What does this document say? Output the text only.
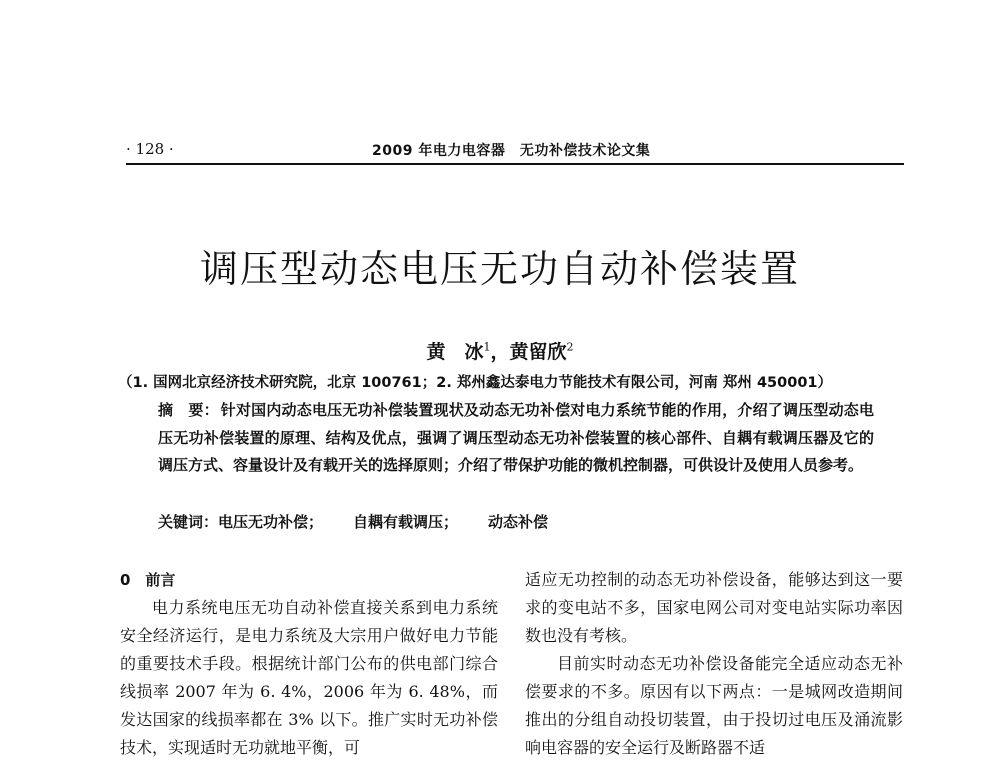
· 128 ·	2009 年电力电容器　无功补偿技术论文集
调压型动态电压无功自动补偿装置
黄　冰$^1$，黄留欣$^2$
（1. 国网北京经济技术研究院，北京 100761；2. 郑州鑫达泰电力节能技术有限公司，河南 郑州 450001）
摘　要： 针对国内动态电压无功补偿装置现状及动态无功补偿对电力系统节能的作用，介绍了调压型动态电压无功补偿装置的原理、结构及优点，强调了调压型动态无功补偿装置的核心部件、自耦有载调压器及它的调压方式、容量设计及有载开关的选择原则；介绍了带保护功能的微机控制器，可供设计及使用人员参考。
关键词：电压无功补偿； 自耦有载调压； 动态补偿

0　前言

电力系统电压无功自动补偿直接关系到电力系统安全经济运行，是电力系统及大宗用户做好电力节能的重要技术手段。根据统计部门公布的供电部门综合线损率 2007 年为 6. 4%，2006 年为 6. 48%，而发达国家的线损率都在 3% 以下。推广实时无功补偿技术，实现适时无功就地平衡，可

适应无功控制的动态无功补偿设备，能够达到这一要求的变电站不多，国家电网公司对变电站实际功率因数也没有考核。

目前实时动态无功补偿设备能完全适应动态无补偿要求的不多。原因有以下两点：一是城网改造期间推出的分组自动投切装置，由于投切过电压及涌流影响电容器的安全运行及断路器不适
